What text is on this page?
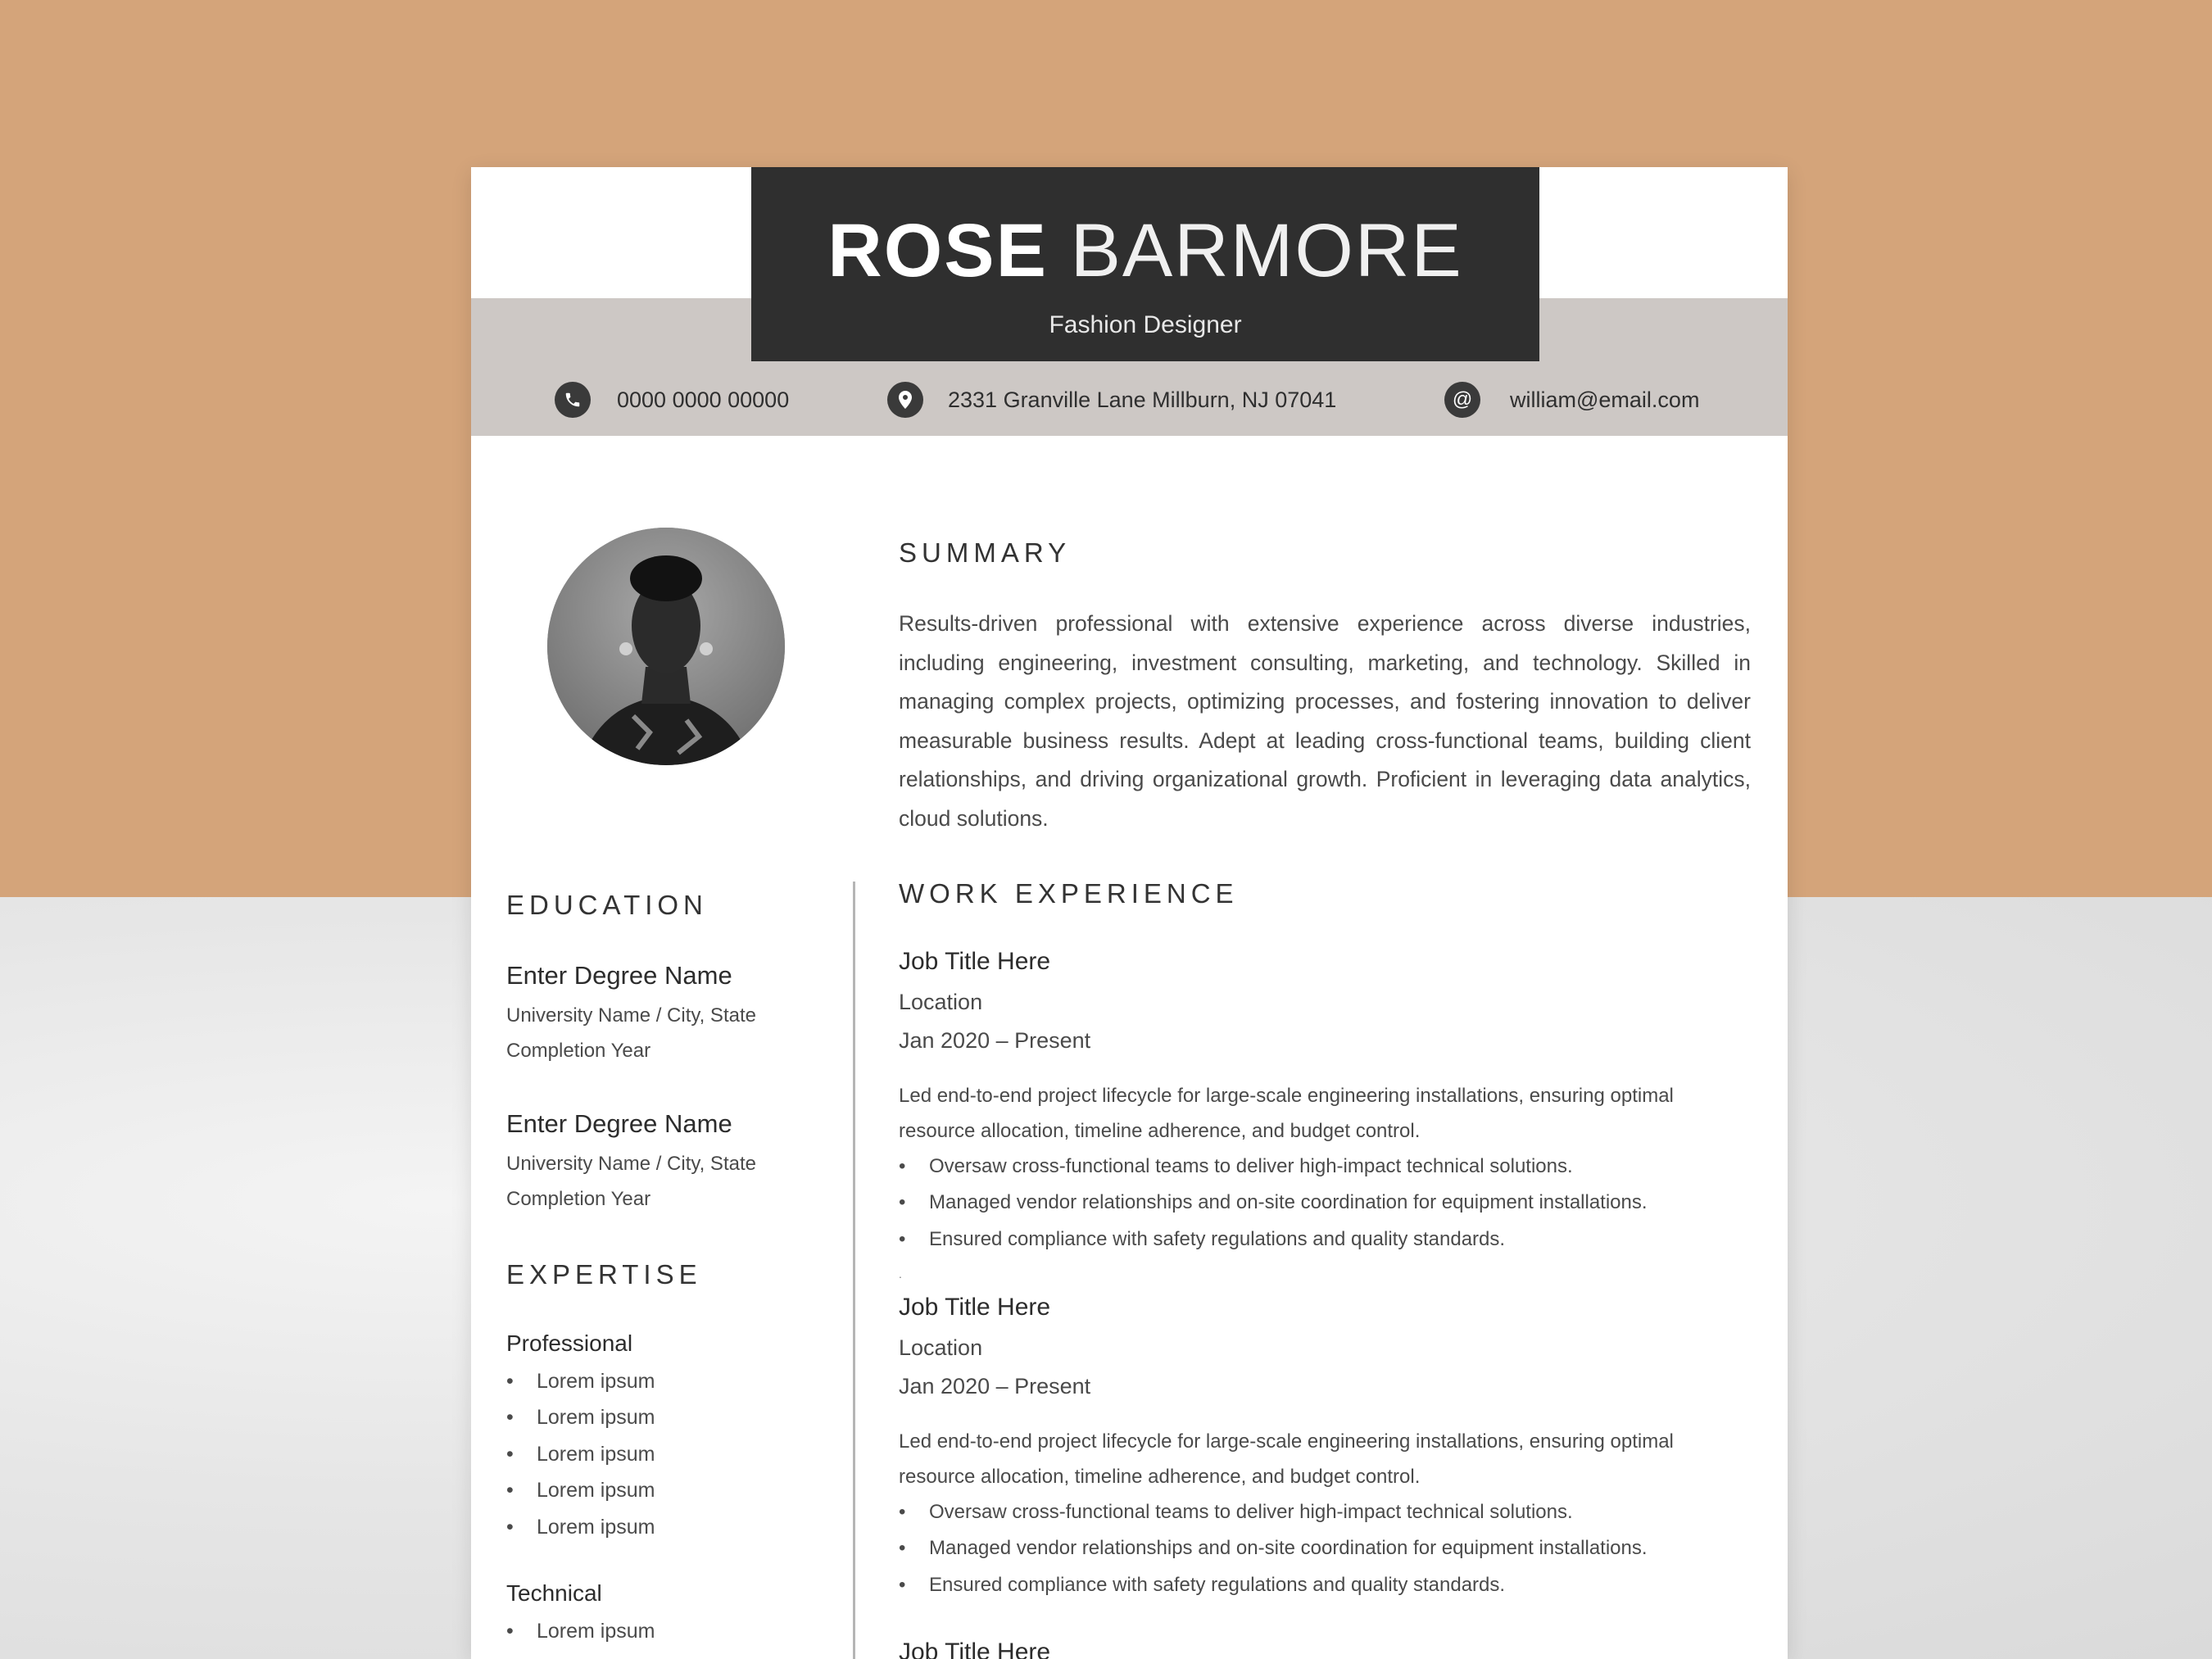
ROSE BARMORE
Fashion Designer
0000 0000 00000	2331 Granville Lane Millburn, NJ 07041	@	william@email.com
SUMMARY
Results-driven professional with extensive experience across diverse industries, including engineering, investment consulting, marketing, and technology. Skilled in managing complex projects, optimizing processes, and fostering innovation to deliver measurable business results. Adept at leading cross-functional teams, building client relationships, and driving organizational growth. Proficient in leveraging data analytics, cloud solutions.
EDUCATION
Enter Degree Name
University Name / City, State
Completion Year
Enter Degree Name
University Name / City, State
Completion Year
EXPERTISE
Professional
• Lorem ipsum
• Lorem ipsum
• Lorem ipsum
• Lorem ipsum
• Lorem ipsum
Technical
• Lorem ipsum
WORK EXPERIENCE
Job Title Here
Location
Jan 2020 – Present
Led end-to-end project lifecycle for large-scale engineering installations, ensuring optimal resource allocation, timeline adherence, and budget control.
• Oversaw cross-functional teams to deliver high-impact technical solutions.
• Managed vendor relationships and on-site coordination for equipment installations.
• Ensured compliance with safety regulations and quality standards.
.
Job Title Here
Location
Jan 2020 – Present
Led end-to-end project lifecycle for large-scale engineering installations, ensuring optimal resource allocation, timeline adherence, and budget control.
• Oversaw cross-functional teams to deliver high-impact technical solutions.
• Managed vendor relationships and on-site coordination for equipment installations.
• Ensured compliance with safety regulations and quality standards.
Job Title Here
